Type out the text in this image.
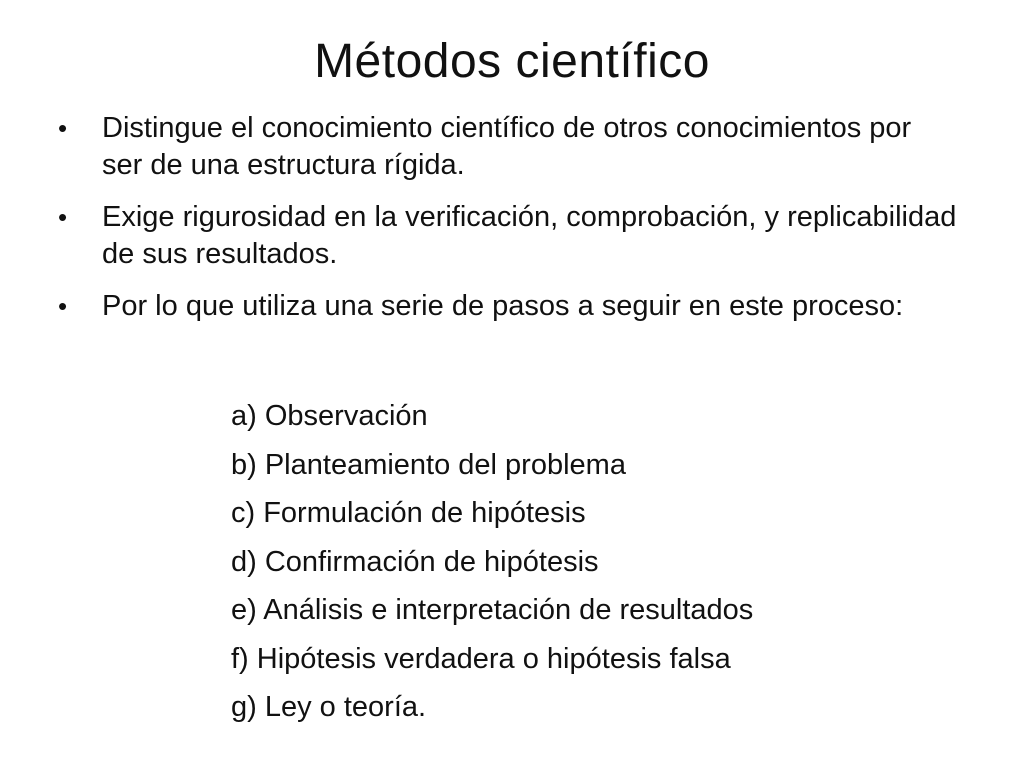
Métodos científico
•	Distingue el conocimiento científico de otros conocimientos por ser de una estructura rígida.
•	Exige rigurosidad en la verificación, comprobación, y replicabilidad de sus resultados.
•	Por lo que utiliza una serie de pasos a seguir en este proceso:
a) Observación
b) Planteamiento del problema
c) Formulación de hipótesis
d) Confirmación de hipótesis
e) Análisis e interpretación de resultados
f) Hipótesis verdadera o hipótesis falsa
g) Ley o teoría.
